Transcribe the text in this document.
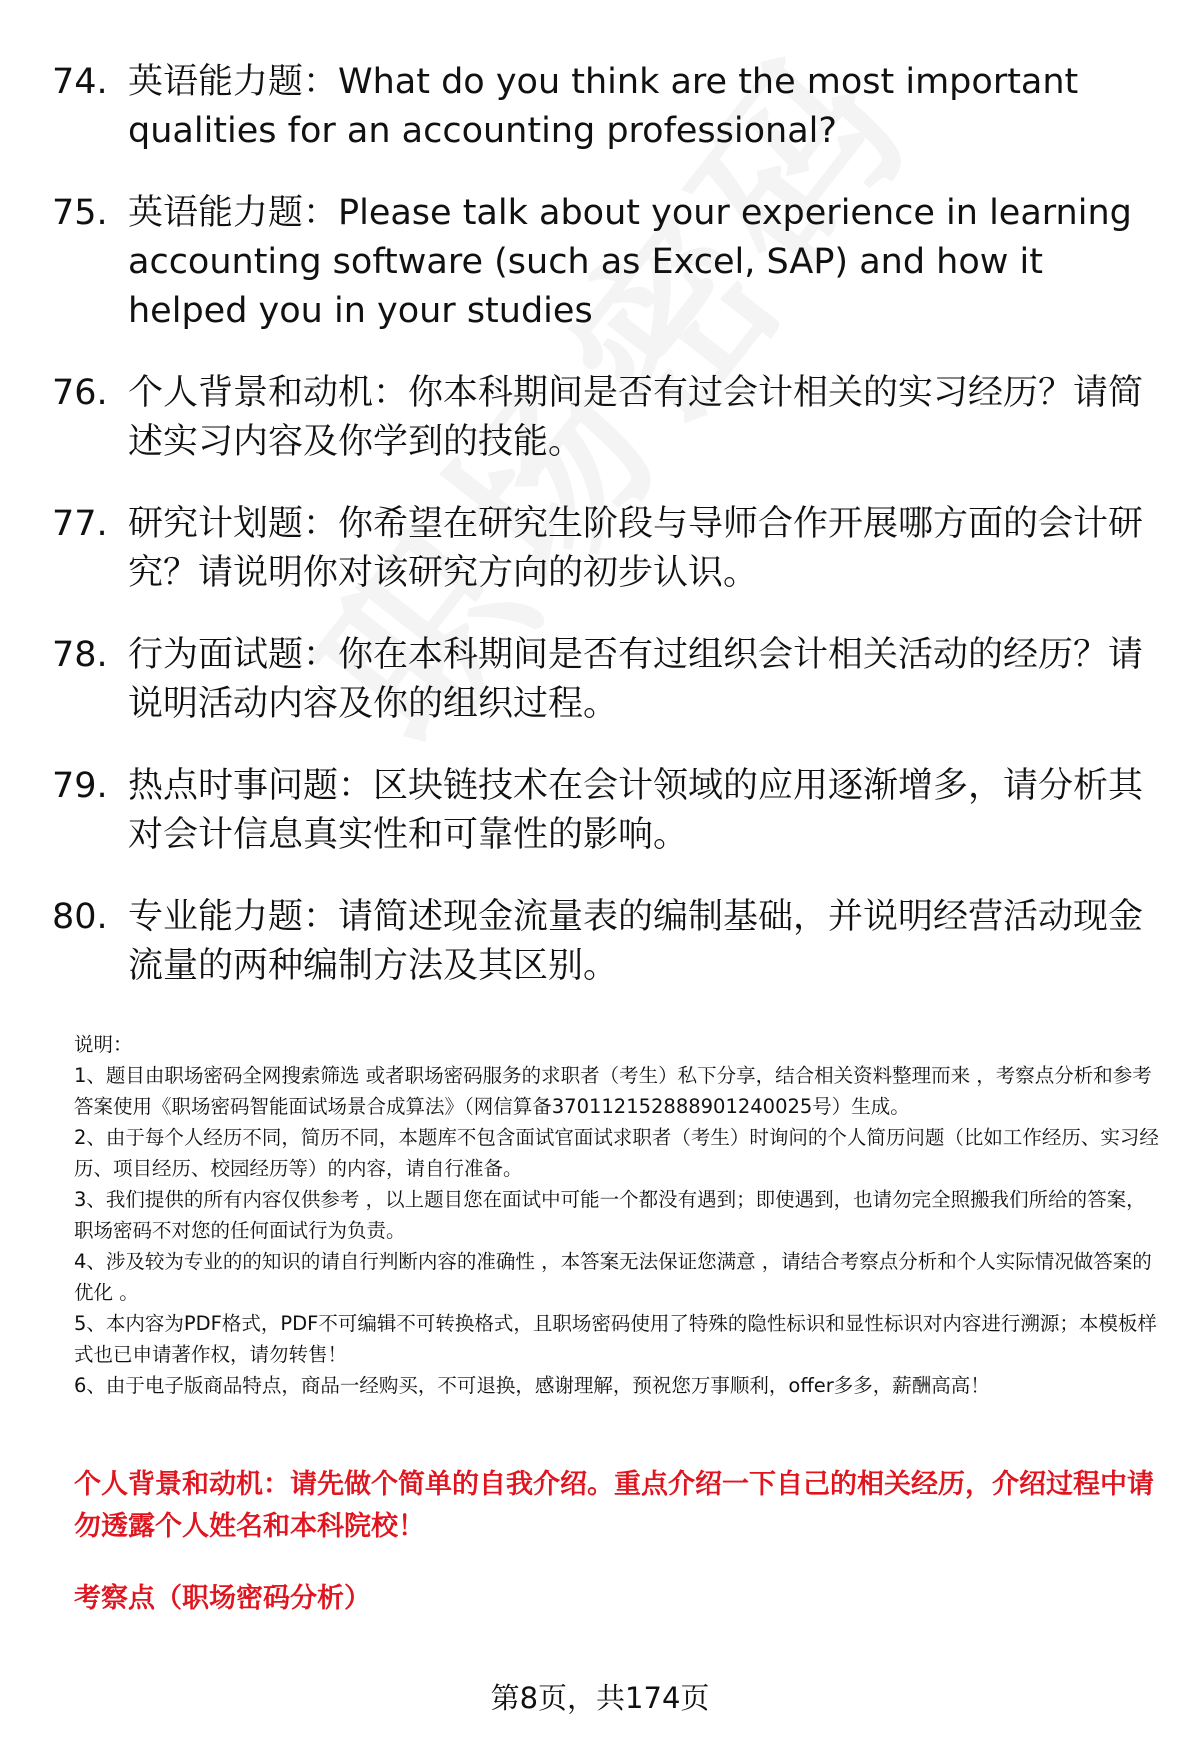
74. 英语能力题：What do you think are the most important qualities for an accounting professional?
75. 英语能力题：Please talk about your experience in learning accounting software (such as Excel, SAP) and how it helped you in your studies
76. 个人背景和动机：你本科期间是否有过会计相关的实习经历？请简述实习内容及你学到的技能。
77. 研究计划题：你希望在研究生阶段与导师合作开展哪方面的会计研究？请说明你对该研究方向的初步认识。
78. 行为面试题：你在本科期间是否有过组织会计相关活动的经历？请说明活动内容及你的组织过程。
79. 热点时事问题：区块链技术在会计领域的应用逐渐增多，请分析其对会计信息真实性和可靠性的影响。
80. 专业能力题：请简述现金流量表的编制基础，并说明经营活动现金流量的两种编制方法及其区别。

说明：

1、题目由职场密码全网搜索筛选 或者职场密码服务的求职者（考生）私下分享，结合相关资料整理而来 ，考察点分析和参考答案使用《职场密码智能面试场景合成算法》（网信算备370112152888901240025号）生成。

2、由于每个人经历不同，简历不同，本题库不包含面试官面试求职者（考生）时询问的个人简历问题（比如工作经历、实习经历、项目经历、校园经历等）的内容，请自行准备。

3、我们提供的所有内容仅供参考 ，以上题目您在面试中可能一个都没有遇到；即使遇到，也请勿完全照搬我们所给的答案，职场密码不对您的任何面试行为负责。

4、涉及较为专业的的知识的请自行判断内容的准确性 ，本答案无法保证您满意 ，请结合考察点分析和个人实际情况做答案的优化 。

5、本内容为PDF格式，PDF不可编辑不可转换格式，且职场密码使用了特殊的隐性标识和显性标识对内容进行溯源；本模板样式也已申请著作权，请勿转售！

6、由于电子版商品特点，商品一经购买，不可退换，感谢理解，预祝您万事顺利，offer多多，薪酬高高！

个人背景和动机：请先做个简单的自我介绍。重点介绍一下自己的相关经历，介绍过程中请勿透露个人姓名和本科院校！
考察点（职场密码分析）
第8页，共174页
